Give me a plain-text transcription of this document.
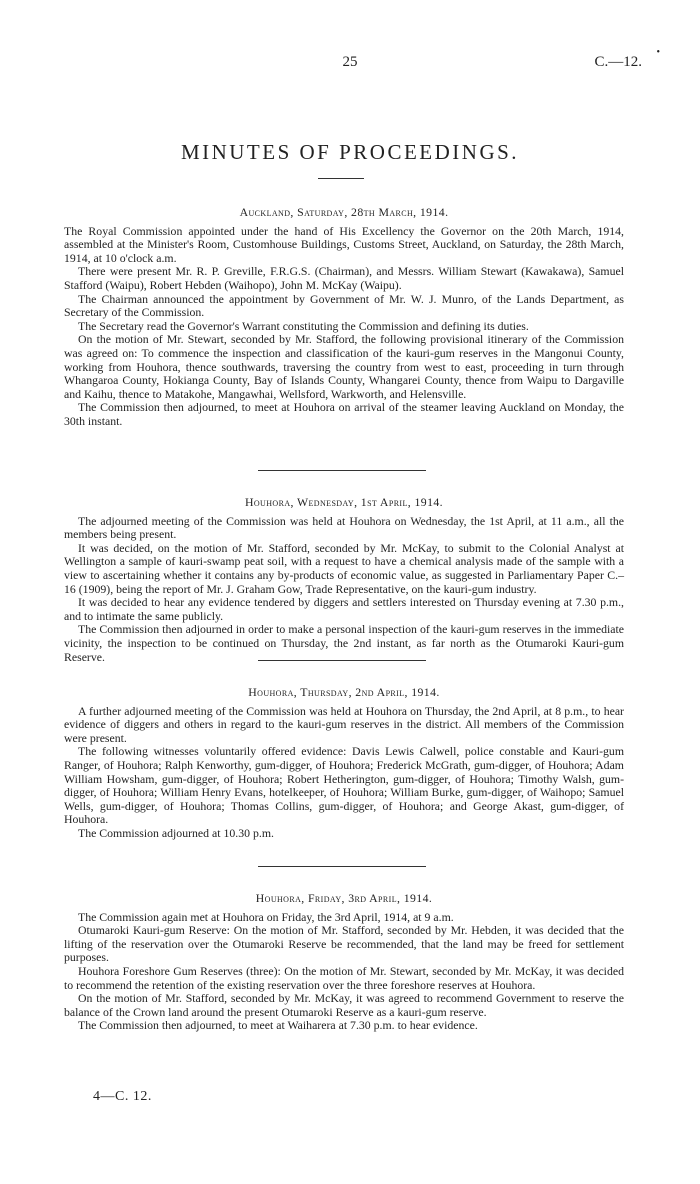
•
25	C.—12.
MINUTES OF PROCEEDINGS.
Auckland, Saturday, 28th March, 1914.

The Royal Commission appointed under the hand of His Excellency the Governor on the 20th March, 1914, assembled at the Minister's Room, Customhouse Buildings, Customs Street, Auckland, on Saturday, the 28th March, 1914, at 10 o'clock a.m.

There were present Mr. R. P. Greville, F.R.G.S. (Chairman), and Messrs. William Stewart (Kawakawa), Samuel Stafford (Waipu), Robert Hebden (Waihopo), John M. McKay (Waipu).

The Chairman announced the appointment by Government of Mr. W. J. Munro, of the Lands Department, as Secretary of the Commission.

The Secretary read the Governor's Warrant constituting the Commission and defining its duties.

On the motion of Mr. Stewart, seconded by Mr. Stafford, the following provisional itinerary of the Commission was agreed on: To commence the inspection and classification of the kauri-gum reserves in the Mangonui County, working from Houhora, thence southwards, traversing the country from west to east, proceeding in turn through Whangaroa County, Hokianga County, Bay of Islands County, Whangarei County, thence from Waipu to Dargaville and Kaihu, thence to Matakohe, Mangawhai, Wellsford, Warkworth, and Helensville.

The Commission then adjourned, to meet at Houhora on arrival of the steamer leaving Auckland on Monday, the 30th instant.

Houhora, Wednesday, 1st April, 1914.

The adjourned meeting of the Commission was held at Houhora on Wednesday, the 1st April, at 11 a.m., all the members being present.

It was decided, on the motion of Mr. Stafford, seconded by Mr. McKay, to submit to the Colonial Analyst at Wellington a sample of kauri-swamp peat soil, with a request to have a chemical analysis made of the sample with a view to ascertaining whether it contains any by-products of economic value, as suggested in Parliamentary Paper C.–16 (1909), being the report of Mr. J. Graham Gow, Trade Representative, on the kauri-gum industry.

It was decided to hear any evidence tendered by diggers and settlers interested on Thursday evening at 7.30 p.m., and to intimate the same publicly.

The Commission then adjourned in order to make a personal inspection of the kauri-gum reserves in the immediate vicinity, the inspection to be continued on Thursday, the 2nd instant, as far north as the Otumaroki Kauri-gum Reserve.

Houhora, Thursday, 2nd April, 1914.

A further adjourned meeting of the Commission was held at Houhora on Thursday, the 2nd April, at 8 p.m., to hear evidence of diggers and others in regard to the kauri-gum reserves in the district. All members of the Commission were present.

The following witnesses voluntarily offered evidence: Davis Lewis Calwell, police constable and Kauri-gum Ranger, of Houhora; Ralph Kenworthy, gum-digger, of Houhora; Frederick McGrath, gum-digger, of Houhora; Adam William Howsham, gum-digger, of Houhora; Robert Hetherington, gum-digger, of Houhora; Timothy Walsh, gum-digger, of Houhora; William Henry Evans, hotelkeeper, of Houhora; William Burke, gum-digger, of Waihopo; Samuel Wells, gum-digger, of Houhora; Thomas Collins, gum-digger, of Houhora; and George Akast, gum-digger, of Houhora.

The Commission adjourned at 10.30 p.m.

Houhora, Friday, 3rd April, 1914.

The Commission again met at Houhora on Friday, the 3rd April, 1914, at 9 a.m.

Otumaroki Kauri-gum Reserve: On the motion of Mr. Stafford, seconded by Mr. Hebden, it was decided that the lifting of the reservation over the Otumaroki Reserve be recommended, that the land may be freed for settlement purposes.

Houhora Foreshore Gum Reserves (three): On the motion of Mr. Stewart, seconded by Mr. McKay, it was decided to recommend the retention of the existing reservation over the three foreshore reserves at Houhora.

On the motion of Mr. Stafford, seconded by Mr. McKay, it was agreed to recommend Government to reserve the balance of the Crown land around the present Otumaroki Reserve as a kauri-gum reserve.

The Commission then adjourned, to meet at Waiharera at 7.30 p.m. to hear evidence.

4—C. 12.
